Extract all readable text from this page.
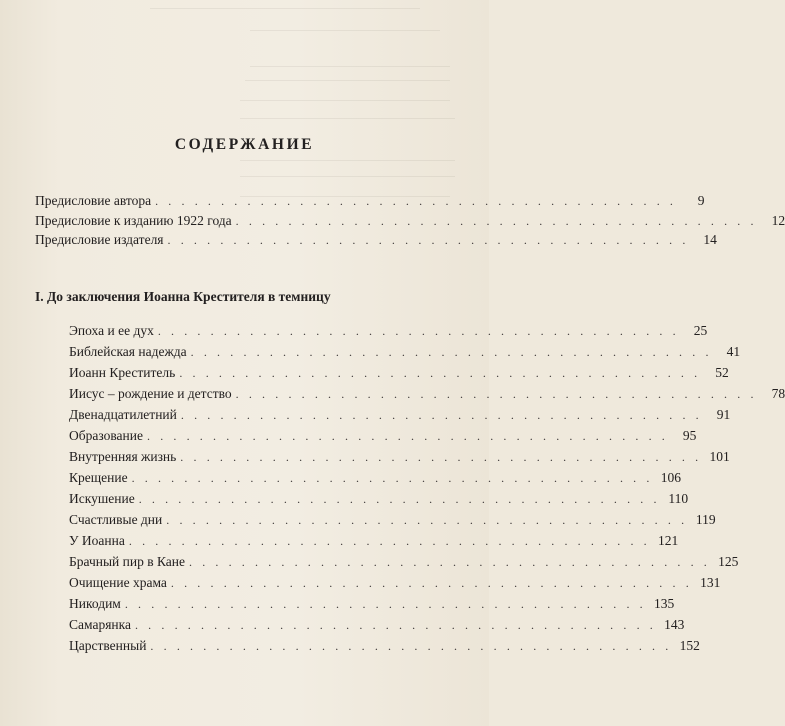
СОДЕРЖАНИЕ
Предисловие автора . . . . . . . . . . . . . . . . . . . . . . . . . . . . . . . . . . . . . . . .	9
Предисловие к изданию 1922 года . . . . . . . . . . . . . . . . . . . . . . . . . . . . . . . . . . . . . . . .	12
Предисловие издателя . . . . . . . . . . . . . . . . . . . . . . . . . . . . . . . . . . . . . . . .	14
I. До заключения Иоанна Крестителя в темницу
Эпоха и ее дух . . . . . . . . . . . . . . . . . . . . . . . . . . . . . . . . . . . . . . . .	25
Библейская надежда . . . . . . . . . . . . . . . . . . . . . . . . . . . . . . . . . . . . . . . .	41
Иоанн Креститель . . . . . . . . . . . . . . . . . . . . . . . . . . . . . . . . . . . . . . . .	52
Иисус – рождение и детство . . . . . . . . . . . . . . . . . . . . . . . . . . . . . . . . . . . . . . . .	78
Двенадцатилетний . . . . . . . . . . . . . . . . . . . . . . . . . . . . . . . . . . . . . . . .	91
Образование . . . . . . . . . . . . . . . . . . . . . . . . . . . . . . . . . . . . . . . .	95
Внутренняя жизнь . . . . . . . . . . . . . . . . . . . . . . . . . . . . . . . . . . . . . . . . 101
Крещение . . . . . . . . . . . . . . . . . . . . . . . . . . . . . . . . . . . . . . . . 106
Искушение . . . . . . . . . . . . . . . . . . . . . . . . . . . . . . . . . . . . . . . . 110
Счастливые дни . . . . . . . . . . . . . . . . . . . . . . . . . . . . . . . . . . . . . . . . 119
У Иоанна . . . . . . . . . . . . . . . . . . . . . . . . . . . . . . . . . . . . . . . . 121
Брачный пир в Кане . . . . . . . . . . . . . . . . . . . . . . . . . . . . . . . . . . . . . . . . 125
Очищение храма . . . . . . . . . . . . . . . . . . . . . . . . . . . . . . . . . . . . . . . . 131
Никодим . . . . . . . . . . . . . . . . . . . . . . . . . . . . . . . . . . . . . . . . 135
Самарянка . . . . . . . . . . . . . . . . . . . . . . . . . . . . . . . . . . . . . . . . 143
Царственный . . . . . . . . . . . . . . . . . . . . . . . . . . . . . . . . . . . . . . . . 152
